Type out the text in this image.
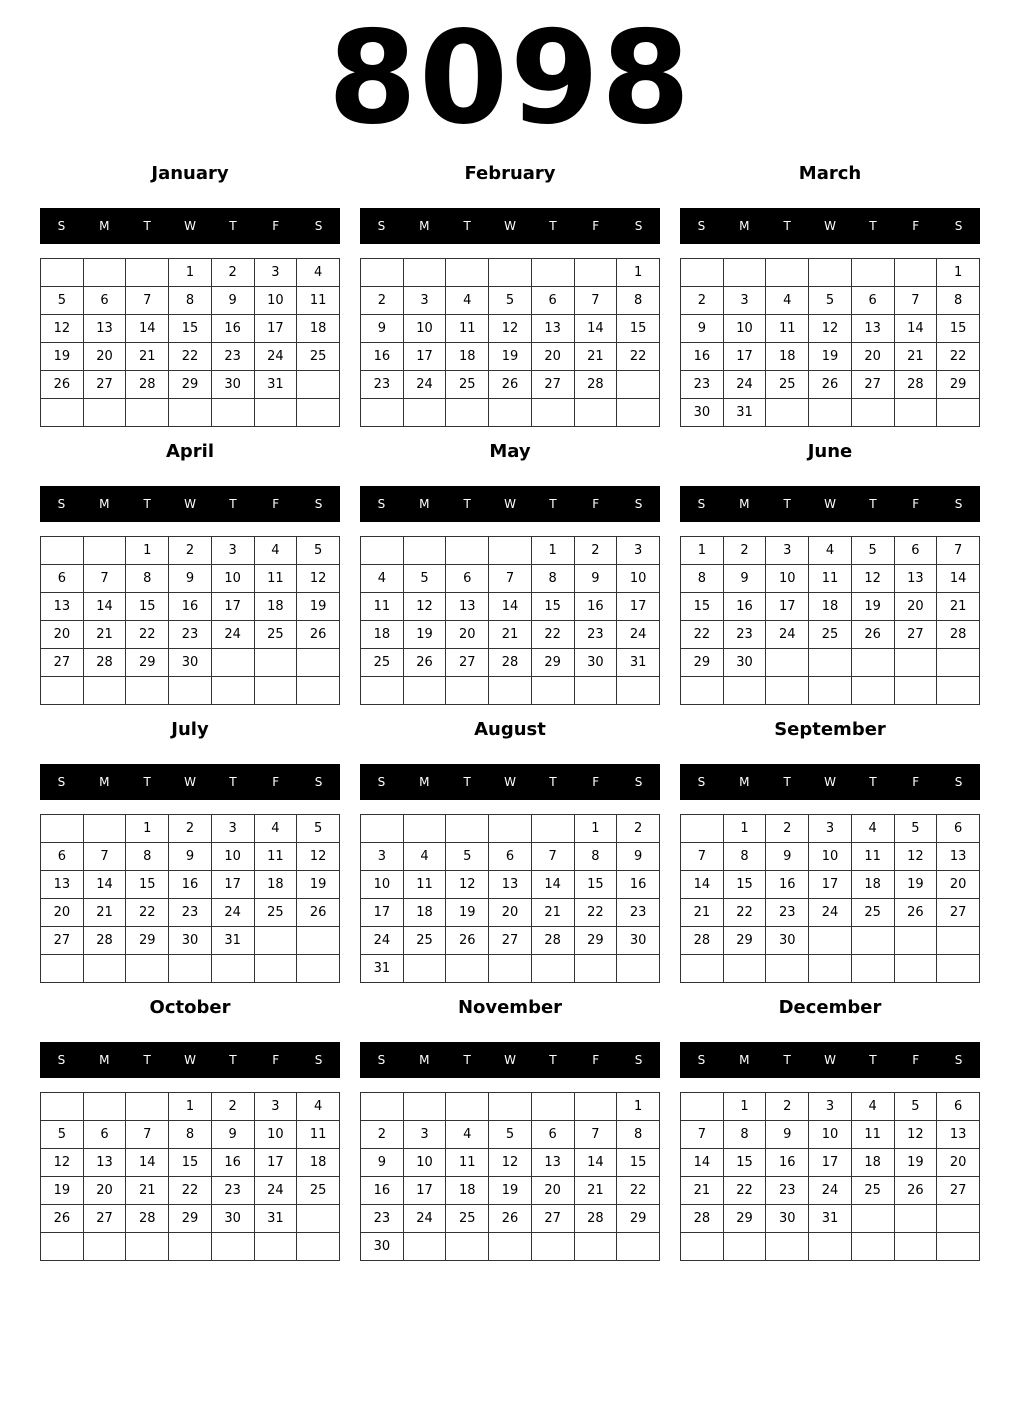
8098
January
S	M	T	W	T	F	S
			1	2	3	4
5	6	7	8	9	10	11
12	13	14	15	16	17	18
19	20	21	22	23	24	25
26	27	28	29	30	31	

February
S	M	T	W	T	F	S
						1
2	3	4	5	6	7	8
9	10	11	12	13	14	15
16	17	18	19	20	21	22
23	24	25	26	27	28	

March
S	M	T	W	T	F	S
						1
2	3	4	5	6	7	8
9	10	11	12	13	14	15
16	17	18	19	20	21	22
23	24	25	26	27	28	29
30	31					
April
S	M	T	W	T	F	S
		1	2	3	4	5
6	7	8	9	10	11	12
13	14	15	16	17	18	19
20	21	22	23	24	25	26
27	28	29	30			

May
S	M	T	W	T	F	S
				1	2	3
4	5	6	7	8	9	10
11	12	13	14	15	16	17
18	19	20	21	22	23	24
25	26	27	28	29	30	31

June
S	M	T	W	T	F	S
1	2	3	4	5	6	7
8	9	10	11	12	13	14
15	16	17	18	19	20	21
22	23	24	25	26	27	28
29	30					

July
S	M	T	W	T	F	S
		1	2	3	4	5
6	7	8	9	10	11	12
13	14	15	16	17	18	19
20	21	22	23	24	25	26
27	28	29	30	31		

August
S	M	T	W	T	F	S
					1	2
3	4	5	6	7	8	9
10	11	12	13	14	15	16
17	18	19	20	21	22	23
24	25	26	27	28	29	30
31						
September
S	M	T	W	T	F	S
	1	2	3	4	5	6
7	8	9	10	11	12	13
14	15	16	17	18	19	20
21	22	23	24	25	26	27
28	29	30				

October
S	M	T	W	T	F	S
			1	2	3	4
5	6	7	8	9	10	11
12	13	14	15	16	17	18
19	20	21	22	23	24	25
26	27	28	29	30	31	

November
S	M	T	W	T	F	S
						1
2	3	4	5	6	7	8
9	10	11	12	13	14	15
16	17	18	19	20	21	22
23	24	25	26	27	28	29
30						
December
S	M	T	W	T	F	S
	1	2	3	4	5	6
7	8	9	10	11	12	13
14	15	16	17	18	19	20
21	22	23	24	25	26	27
28	29	30	31			
